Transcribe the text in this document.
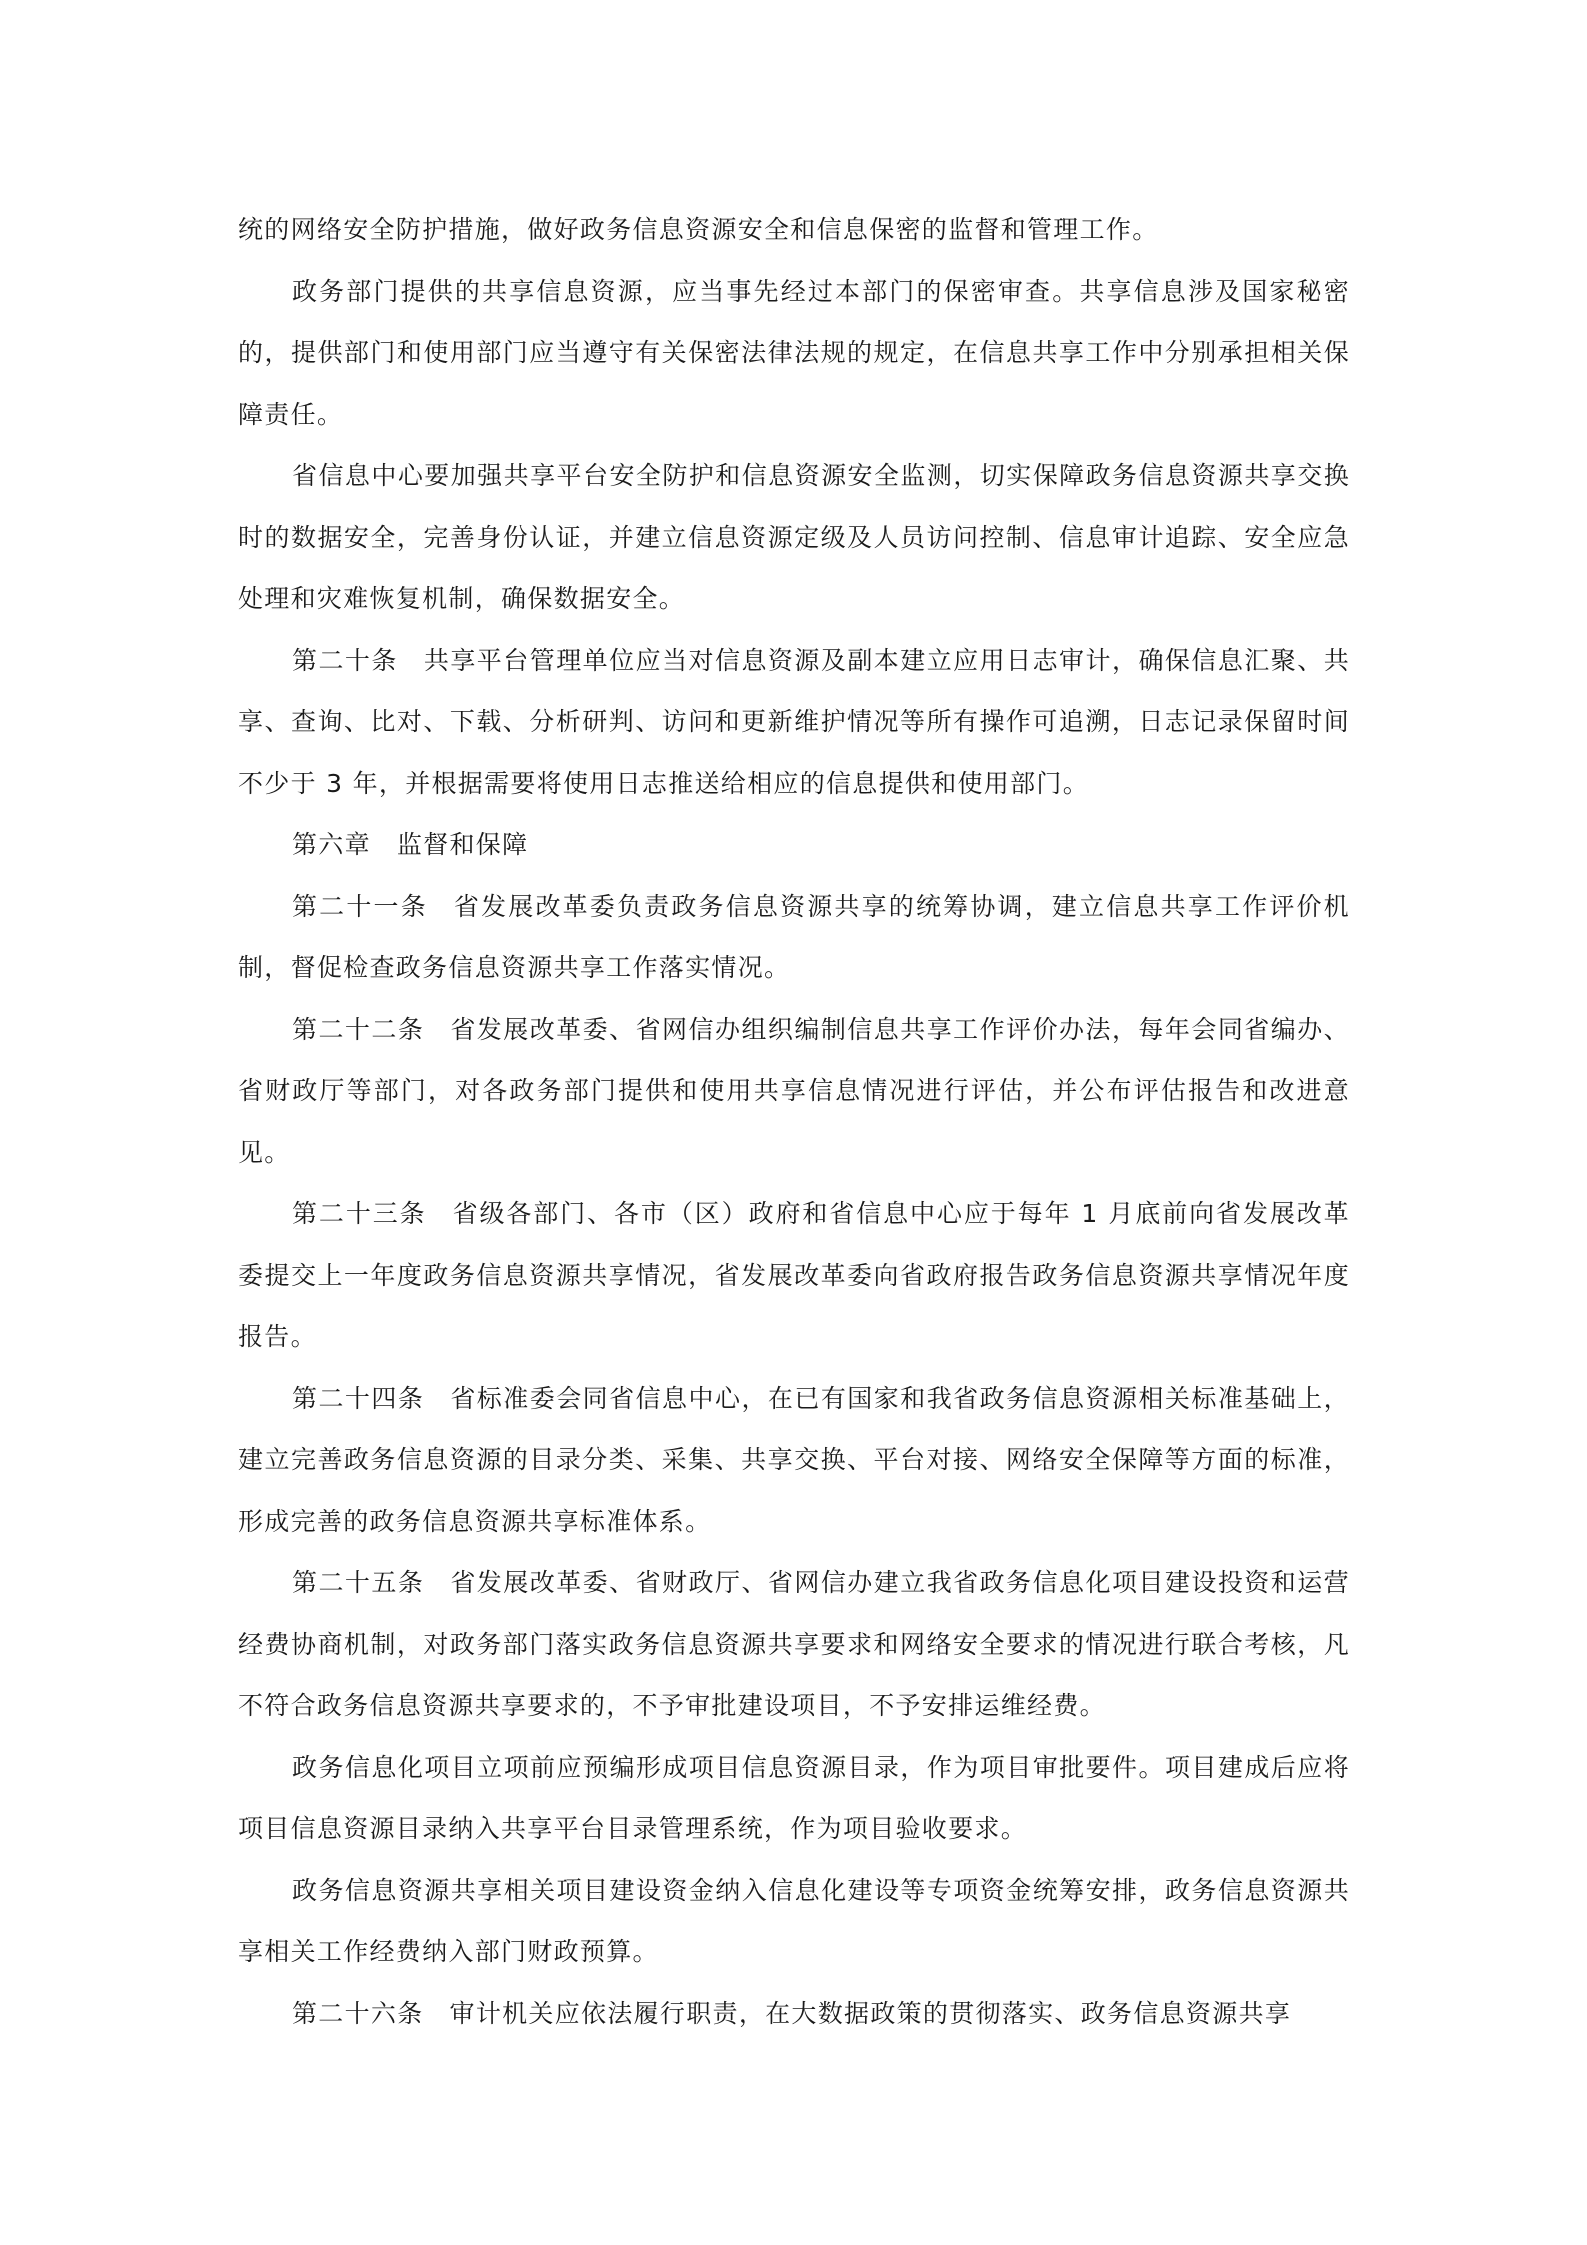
统的网络安全防护措施，做好政务信息资源安全和信息保密的监督和管理工作。

政务部门提供的共享信息资源，应当事先经过本部门的保密审查。共享信息涉及国家秘密的，提供部门和使用部门应当遵守有关保密法律法规的规定，在信息共享工作中分别承担相关保障责任。

省信息中心要加强共享平台安全防护和信息资源安全监测，切实保障政务信息资源共享交换时的数据安全，完善身份认证，并建立信息资源定级及人员访问控制、信息审计追踪、安全应急处理和灾难恢复机制，确保数据安全。

第二十条 共享平台管理单位应当对信息资源及副本建立应用日志审计，确保信息汇聚、共享、查询、比对、下载、分析研判、访问和更新维护情况等所有操作可追溯，日志记录保留时间不少于 3 年，并根据需要将使用日志推送给相应的信息提供和使用部门。

第六章 监督和保障

第二十一条 省发展改革委负责政务信息资源共享的统筹协调，建立信息共享工作评价机制，督促检查政务信息资源共享工作落实情况。

第二十二条 省发展改革委、省网信办组织编制信息共享工作评价办法，每年会同省编办、省财政厅等部门，对各政务部门提供和使用共享信息情况进行评估，并公布评估报告和改进意见。

第二十三条 省级各部门、各市（区）政府和省信息中心应于每年 1 月底前向省发展改革委提交上一年度政务信息资源共享情况，省发展改革委向省政府报告政务信息资源共享情况年度报告。

第二十四条 省标准委会同省信息中心，在已有国家和我省政务信息资源相关标准基础上，建立完善政务信息资源的目录分类、采集、共享交换、平台对接、网络安全保障等方面的标准，形成完善的政务信息资源共享标准体系。

第二十五条 省发展改革委、省财政厅、省网信办建立我省政务信息化项目建设投资和运营经费协商机制，对政务部门落实政务信息资源共享要求和网络安全要求的情况进行联合考核，凡不符合政务信息资源共享要求的，不予审批建设项目，不予安排运维经费。

政务信息化项目立项前应预编形成项目信息资源目录，作为项目审批要件。项目建成后应将项目信息资源目录纳入共享平台目录管理系统，作为项目验收要求。

政务信息资源共享相关项目建设资金纳入信息化建设等专项资金统筹安排，政务信息资源共享相关工作经费纳入部门财政预算。

第二十六条 审计机关应依法履行职责，在大数据政策的贯彻落实、政务信息资源共享
